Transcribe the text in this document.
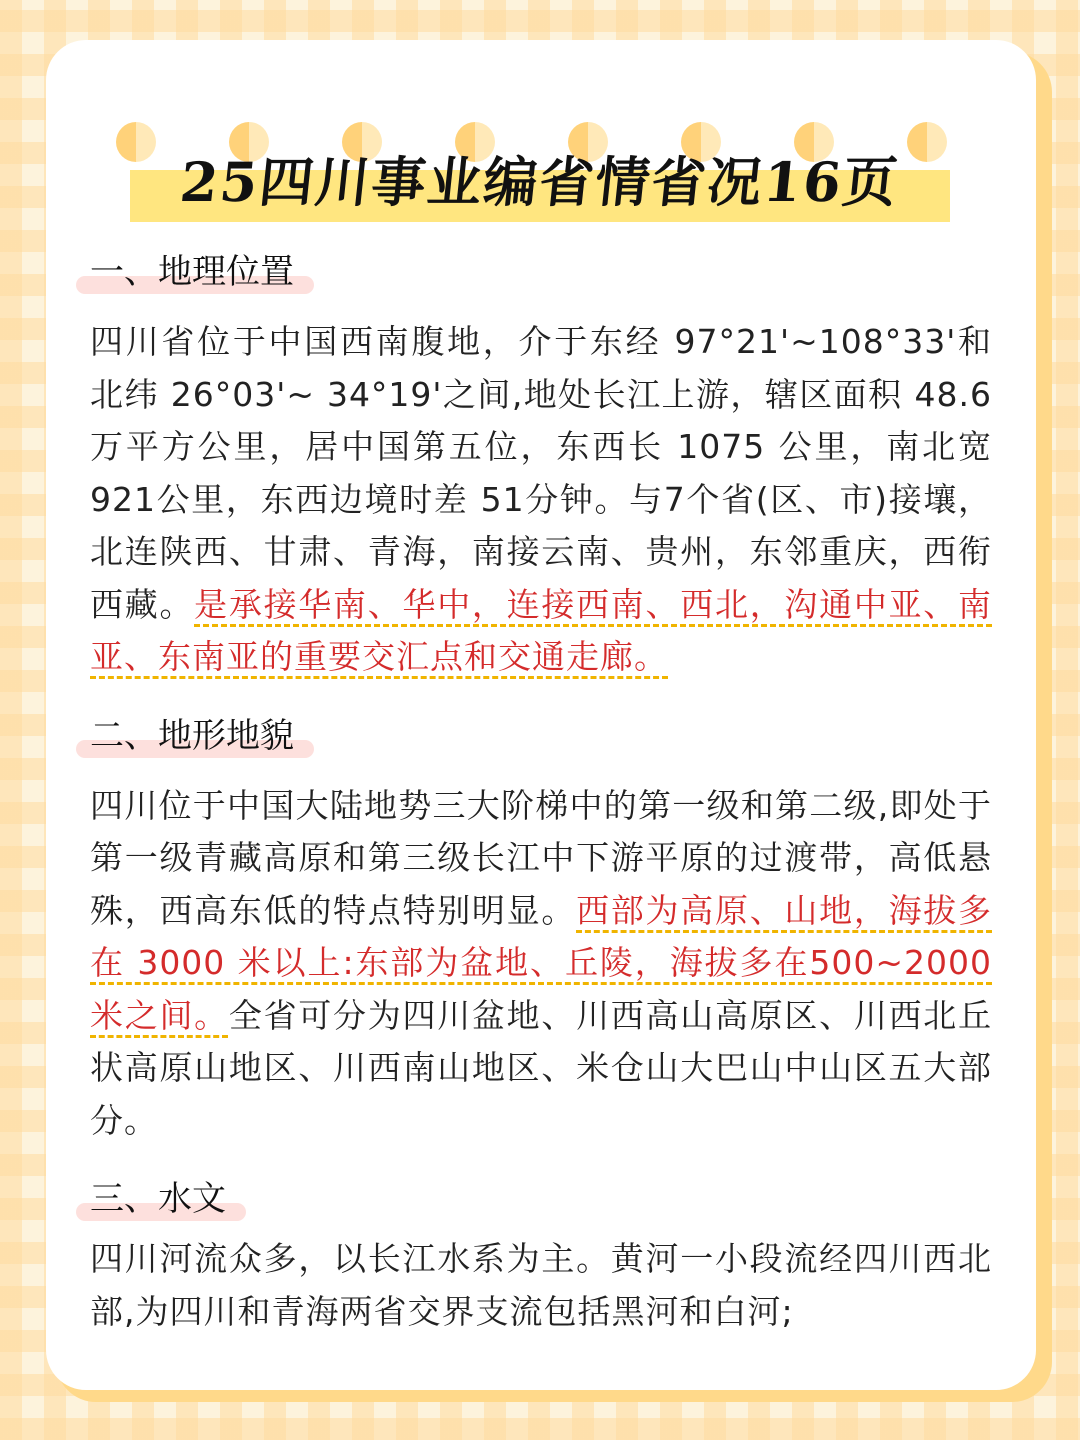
25四川事业编省情省况16页
一、地理位置

四川省位于中国西南腹地，介于东经 97°21'~108°33'和北纬 26°03'~ 34°19'之间,地处长江上游，辖区面积 48.6 万平方公里，居中国第五位，东西长 1075 公里，南北宽 921公里，东西边境时差 51分钟。与7个省(区、市)接壤，北连陕西、甘肃、青海，南接云南、贵州，东邻重庆，西衔西藏。是承接华南、华中，连接西南、西北，沟通中亚、南亚、东南亚的重要交汇点和交通走廊。

二、地形地貌

四川位于中国大陆地势三大阶梯中的第一级和第二级,即处于第一级青藏高原和第三级长江中下游平原的过渡带，高低悬殊，西高东低的特点特别明显。西部为高原、山地，海拔多在 3000 米以上:东部为盆地、丘陵，海拔多在500~2000米之间。全省可分为四川盆地、川西高山高原区、川西北丘状高原山地区、川西南山地区、米仓山大巴山中山区五大部分。

三、水文

四川河流众多，以长江水系为主。黄河一小段流经四川西北部,为四川和青海两省交界支流包括黑河和白河;
